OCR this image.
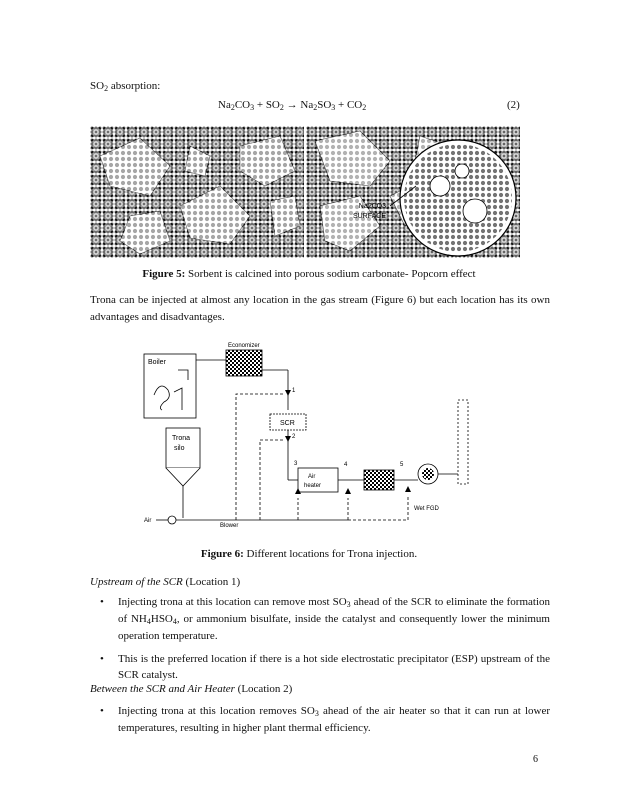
$SO_2$ absorption:
$Na_2CO_3 + SO_2 \to Na_2SO_3 + CO_2$	(2)
Na2CO3
SURFACE
Figure 5: Sorbent is calcined into porous sodium carbonate- Popcorn effect
Trona can be injected at almost any location in the gas stream (Figure 6) but each location has its own advantages and disadvantages.
Boiler
Economizer
SCR
Air
heater
Wet FGD
Trona
silo
Air
Blower
1
2
3	4	5
Figure 6: Different locations for Trona injection.
Upstream of the SCR (Location 1)
• Injecting trona at this location can remove most $SO_3$ ahead of the SCR to eliminate the formation of $NH_4HSO_4$, or ammonium bisulfate, inside the catalyst and consequently lower the minimum operation temperature.
• This is the preferred location if there is a hot side electrostatic precipitator (ESP) upstream of the SCR catalyst.
Between the SCR and Air Heater (Location 2)
• Injecting trona at this location removes $SO_3$ ahead of the air heater so that it can run at lower temperatures, resulting in higher plant thermal efficiency.
6
